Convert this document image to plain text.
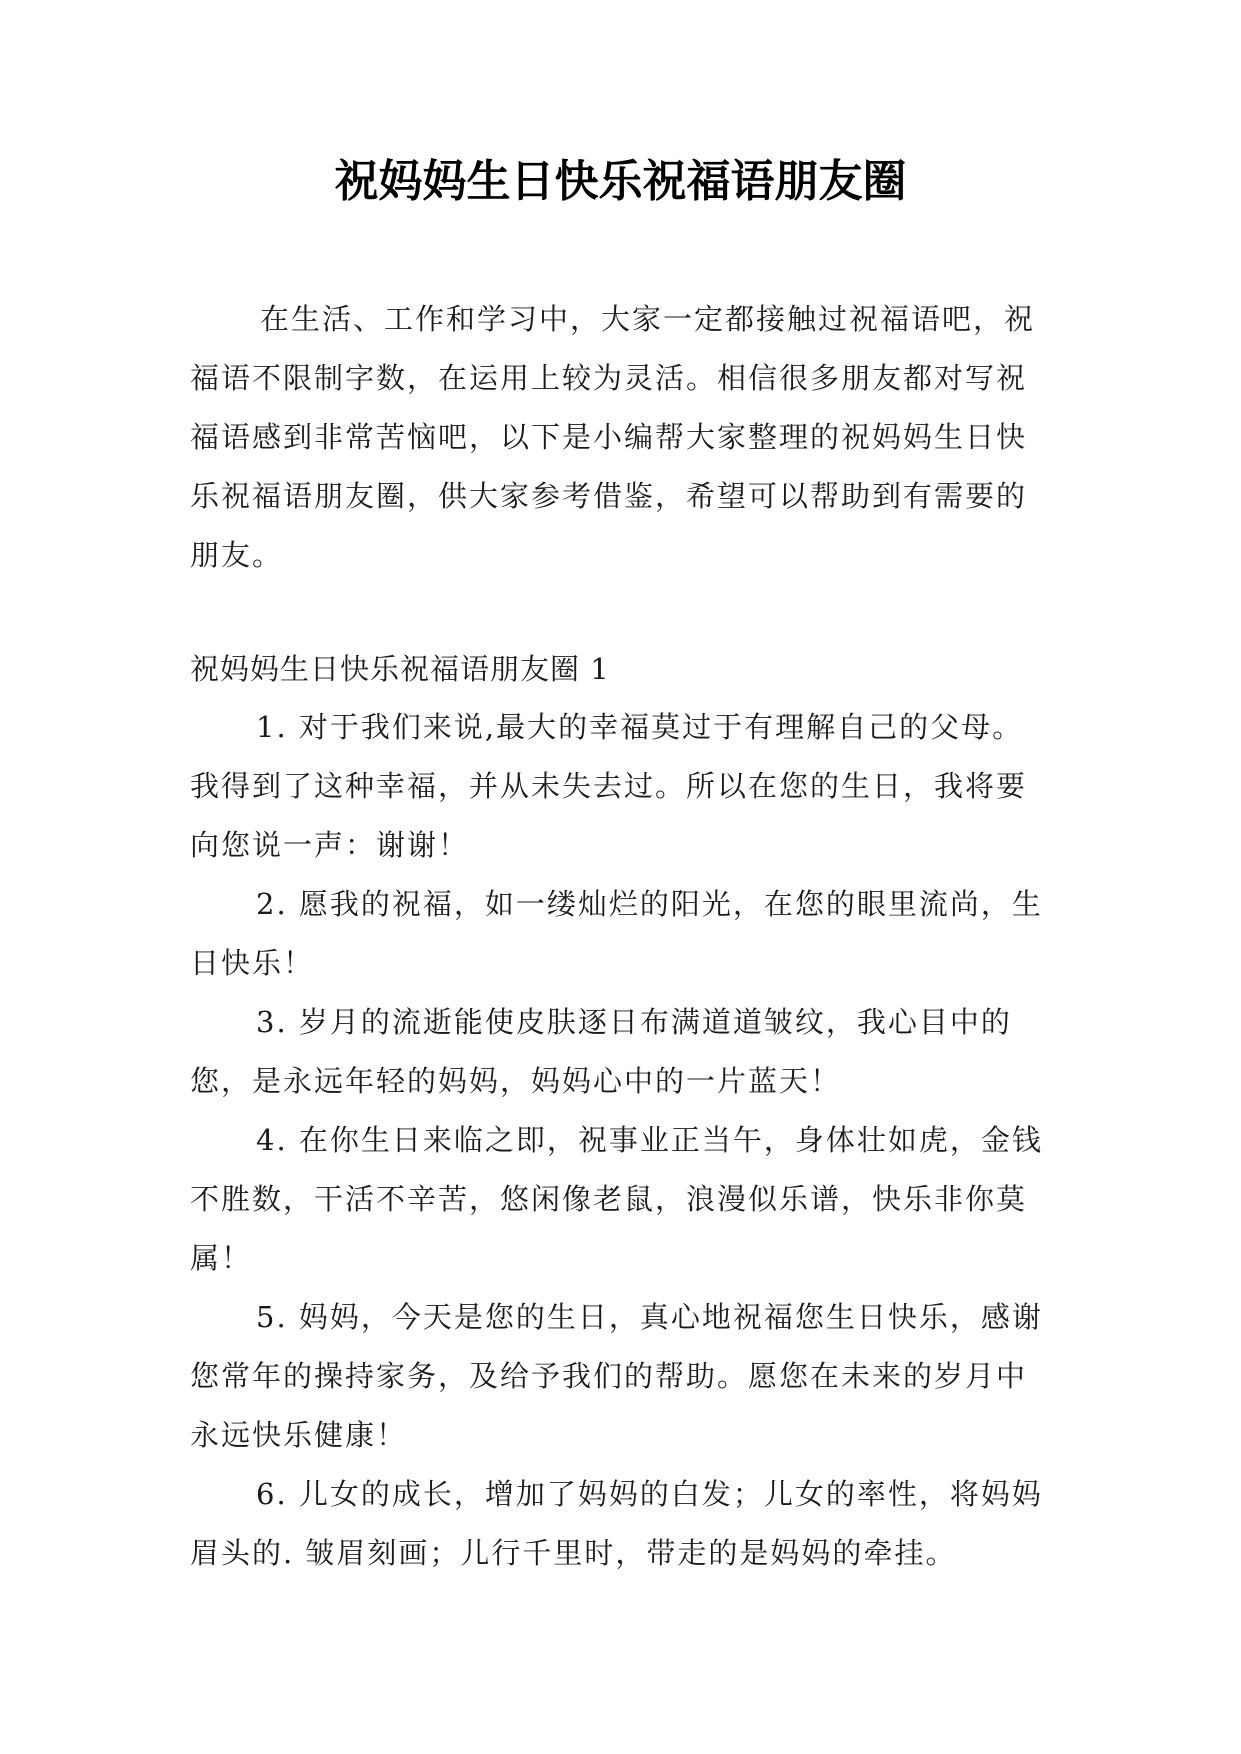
祝妈妈生日快乐祝福语朋友圈

在生活、工作和学习中，大家一定都接触过祝福语吧，祝福语不限制字数，在运用上较为灵活。相信很多朋友都对写祝福语感到非常苦恼吧，以下是小编帮大家整理的祝妈妈生日快乐祝福语朋友圈，供大家参考借鉴，希望可以帮助到有需要的朋友。

祝妈妈生日快乐祝福语朋友圈 1

1. 对于我们来说,最大的幸福莫过于有理解自己的父母。我得到了这种幸福，并从未失去过。所以在您的生日，我将要向您说一声：谢谢！

2. 愿我的祝福，如一缕灿烂的阳光，在您的眼里流尚，生日快乐！

3. 岁月的流逝能使皮肤逐日布满道道皱纹，我心目中的您，是永远年轻的妈妈，妈妈心中的一片蓝天！

4. 在你生日来临之即，祝事业正当午，身体壮如虎，金钱不胜数，干活不辛苦，悠闲像老鼠，浪漫似乐谱，快乐非你莫属！

5. 妈妈，今天是您的生日，真心地祝福您生日快乐，感谢您常年的操持家务，及给予我们的帮助。愿您在未来的岁月中永远快乐健康！

6. 儿女的成长，增加了妈妈的白发；儿女的率性，将妈妈眉头的. 皱眉刻画；儿行千里时，带走的是妈妈的牵挂。
